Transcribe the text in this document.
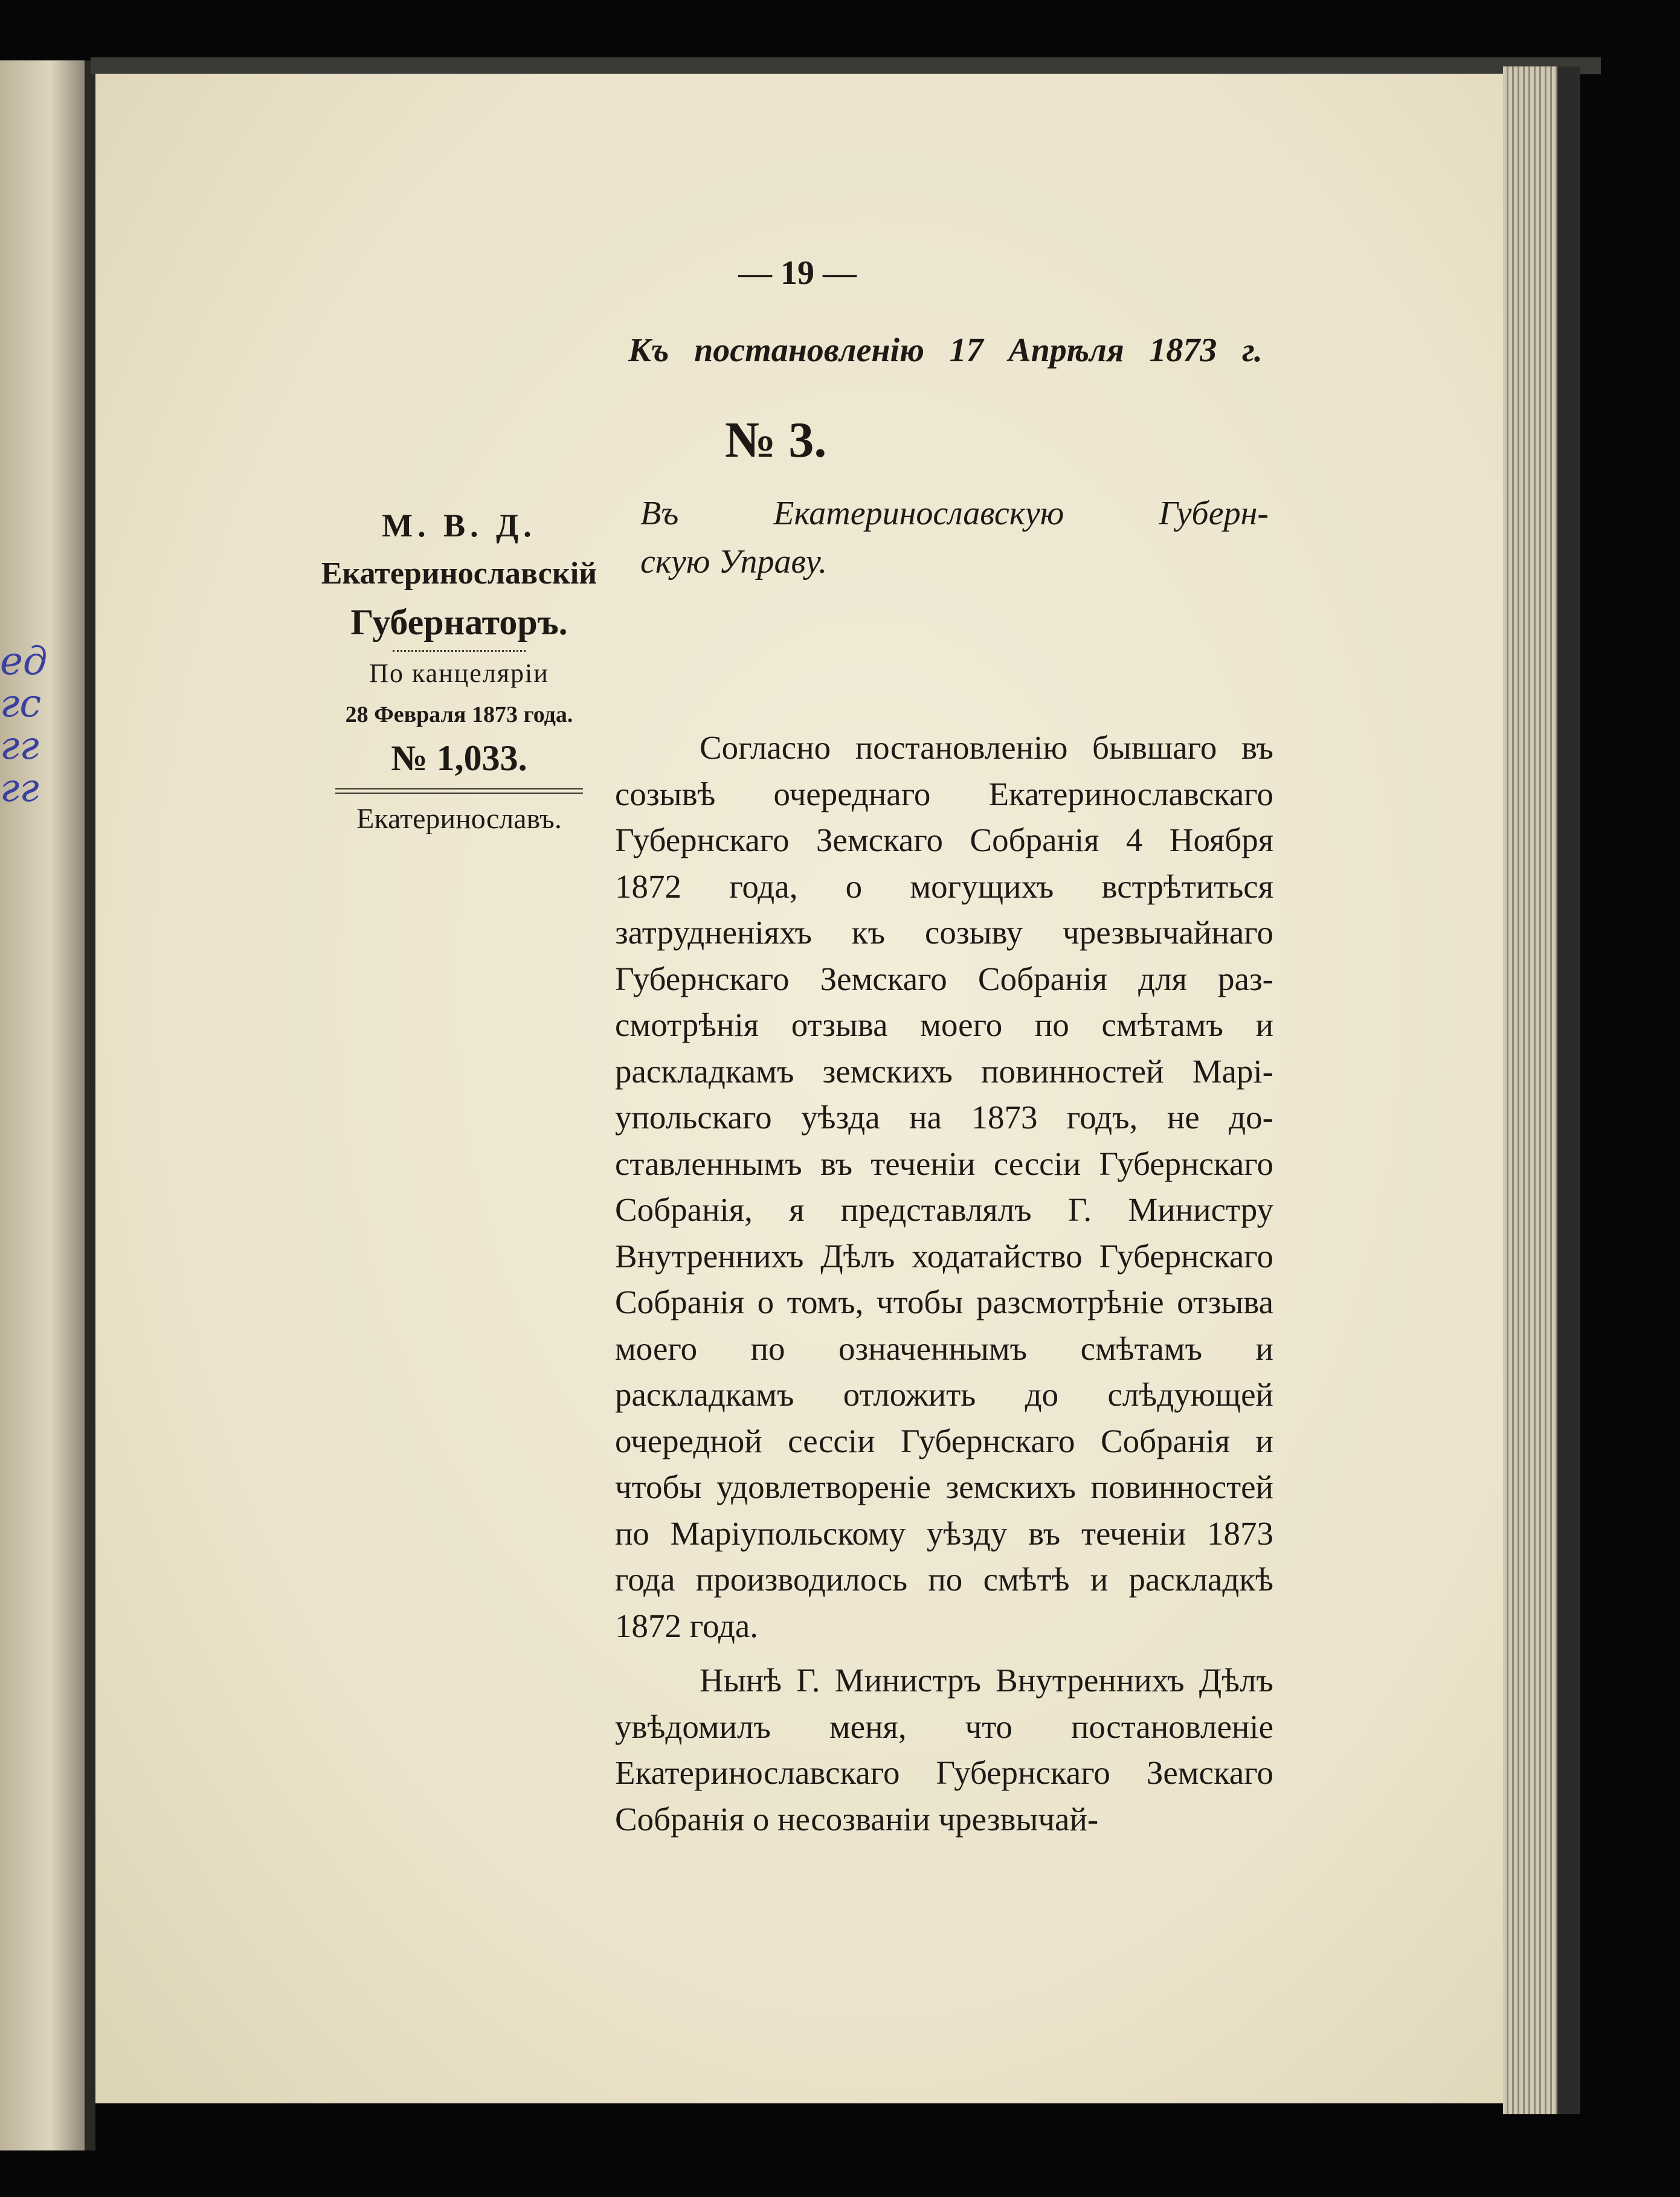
ед
гс
гг
гг
— 19 —
Къ постановленію 17 Апрѣля 1873 г.
№ 3.
Въ Екатеринославскую Губерн-
скую Управу.
М. В. Д.
Екатеринославскій
Губернаторъ.
По канцеляріи
28 Февраля 1873 года.
№ 1,033.
Екатеринославъ.

Согласно постановленію бывшаго въ созывѣ очереднаго Екатеринославскаго Губернскаго Земскаго Собранія 4 Ноября 1872 года, о могущихъ встрѣтиться затрудненіяхъ къ созыву чрезвычайнаго Губернскаго Земскаго Собранія для разсмотрѣнія отзыва моего по смѣтамъ и раскладкамъ земскихъ повинностей Маріупольскаго уѣзда на 1873 годъ, не доставленнымъ въ теченіи сессіи Губернскаго Собранія, я представлялъ Г. Министру Внутреннихъ Дѣлъ ходатайство Губернскаго Собранія о томъ, чтобы разсмотрѣніе отзыва моего по означеннымъ смѣтамъ и раскладкамъ отложить до слѣдующей очередной сессіи Губернскаго Собранія и чтобы удовлетвореніе земскихъ повинностей по Маріупольскому уѣзду въ теченіи 1873 года производилось по смѣтѣ и раскладкѣ 1872 года.

Нынѣ Г. Министръ Внутреннихъ Дѣлъ увѣдомилъ меня, что постановленіе Екатеринославскаго Губернскаго Земскаго Собранія о несозваніи чрезвычай-
